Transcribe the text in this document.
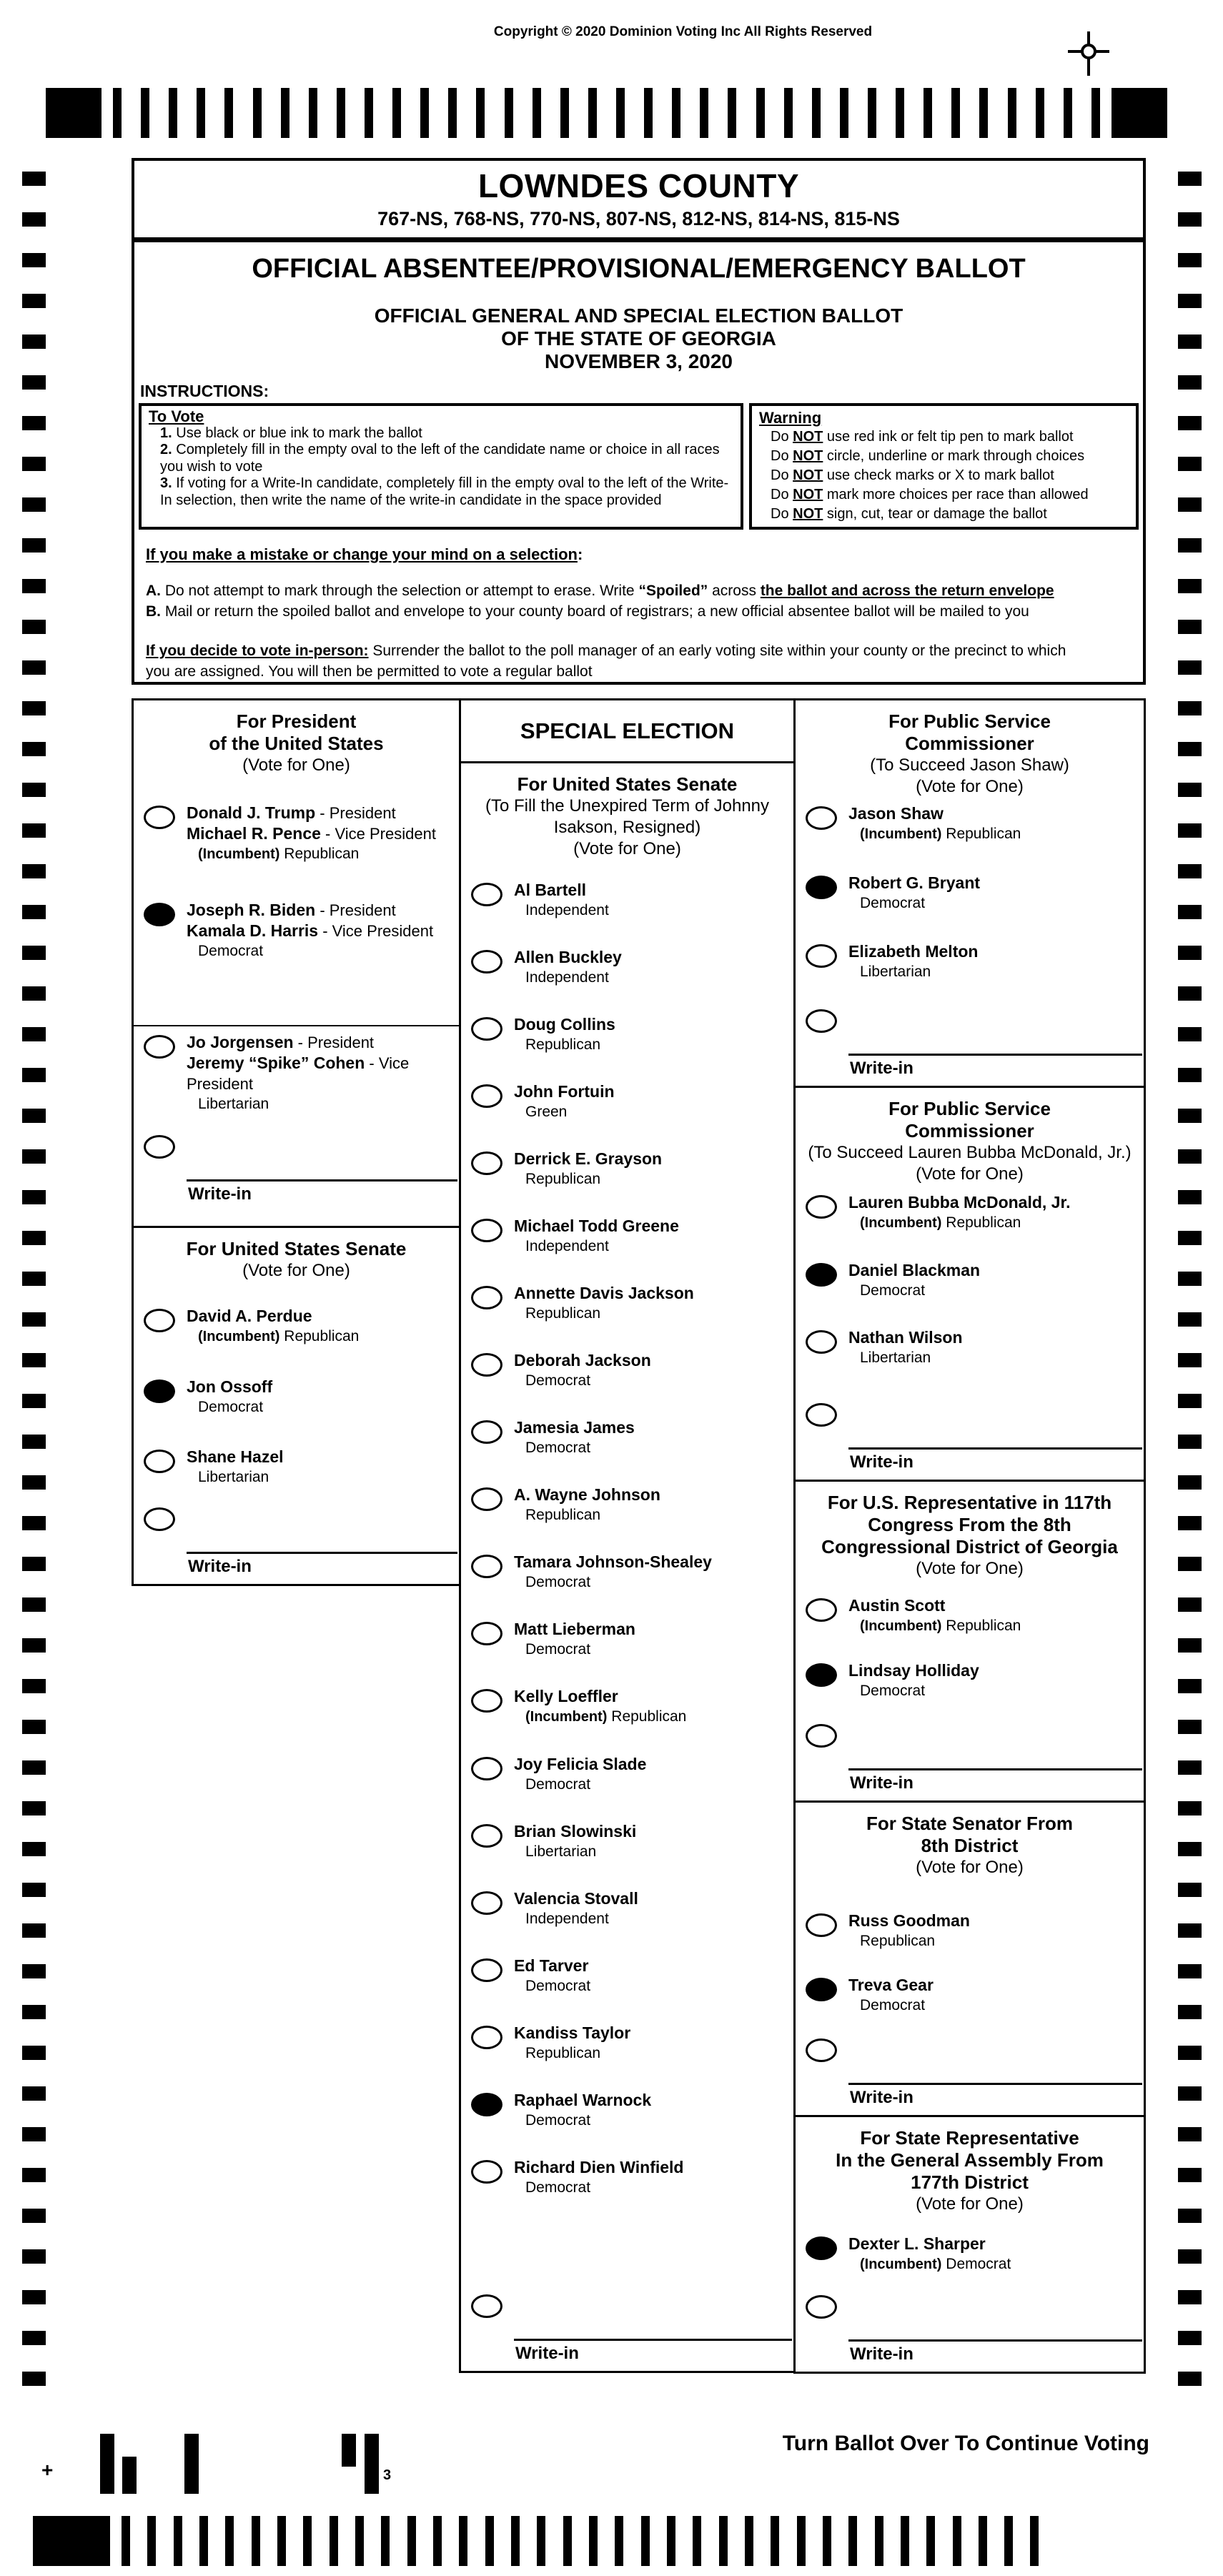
Copyright © 2020 Dominion Voting Inc All Rights Reserved
LOWNDES COUNTY
767-NS, 768-NS, 770-NS, 807-NS, 812-NS, 814-NS, 815-NS
OFFICIAL ABSENTEE/PROVISIONAL/EMERGENCY BALLOT
OFFICIAL GENERAL AND SPECIAL ELECTION BALLOT
OF THE STATE OF GEORGIA
NOVEMBER 3, 2020
INSTRUCTIONS:
To Vote
1. Use black or blue ink to mark the ballot
2. Completely fill in the empty oval to the left of the candidate name or choice in all races you wish to vote
3. If voting for a Write-In candidate, completely fill in the empty oval to the left of the Write-In selection, then write the name of the write-in candidate in the space provided
Warning
Do NOT use red ink or felt tip pen to mark ballot
Do NOT circle, underline or mark through choices
Do NOT use check marks or X to mark ballot
Do NOT mark more choices per race than allowed
Do NOT sign, cut, tear or damage the ballot
If you make a mistake or change your mind on a selection:
A. Do not attempt to mark through the selection or attempt to erase. Write “Spoiled” across the ballot and across the return envelope
B. Mail or return the spoiled ballot and envelope to your county board of registrars; a new official absentee ballot will be mailed to you
If you decide to vote in-person: Surrender the ballot to the poll manager of an early voting site within your county or the precinct to which you are assigned. You will then be permitted to vote a regular ballot
For President
of the United States
(Vote for One)
Donald J. Trump - President
Michael R. Pence - Vice President
(Incumbent) Republican
Joseph R. Biden - President
Kamala D. Harris - Vice President
Democrat
Jo Jorgensen - President
Jeremy “Spike” Cohen - Vice President
Libertarian
Write-in
For United States Senate
(Vote for One)
David A. Perdue
(Incumbent) Republican
Jon Ossoff
Democrat
Shane Hazel
Libertarian
Write-in
SPECIAL ELECTION
For United States Senate
(To Fill the Unexpired Term of Johnny
Isakson, Resigned)
(Vote for One)
Al Bartell
Independent
Allen Buckley
Independent
Doug Collins
Republican
John Fortuin
Green
Derrick E. Grayson
Republican
Michael Todd Greene
Independent
Annette Davis Jackson
Republican
Deborah Jackson
Democrat
Jamesia James
Democrat
A. Wayne Johnson
Republican
Tamara Johnson-Shealey
Democrat
Matt Lieberman
Democrat
Kelly Loeffler
(Incumbent) Republican
Joy Felicia Slade
Democrat
Brian Slowinski
Libertarian
Valencia Stovall
Independent
Ed Tarver
Democrat
Kandiss Taylor
Republican
Raphael Warnock
Democrat
Richard Dien Winfield
Democrat
Write-in
For Public Service
Commissioner
(To Succeed Jason Shaw)
(Vote for One)
Jason Shaw
(Incumbent) Republican
Robert G. Bryant
Democrat
Elizabeth Melton
Libertarian
Write-in
For Public Service
Commissioner
(To Succeed Lauren Bubba McDonald, Jr.)
(Vote for One)
Lauren Bubba McDonald, Jr.
(Incumbent) Republican
Daniel Blackman
Democrat
Nathan Wilson
Libertarian
Write-in
For U.S. Representative in 117th
Congress From the 8th
Congressional District of Georgia
(Vote for One)
Austin Scott
(Incumbent) Republican
Lindsay Holliday
Democrat
Write-in
For State Senator From
8th District
(Vote for One)
Russ Goodman
Republican
Treva Gear
Democrat
Write-in
For State Representative
In the General Assembly From
177th District
(Vote for One)
Dexter L. Sharper
(Incumbent) Democrat
Write-in
Turn Ballot Over To Continue Voting
+	3
